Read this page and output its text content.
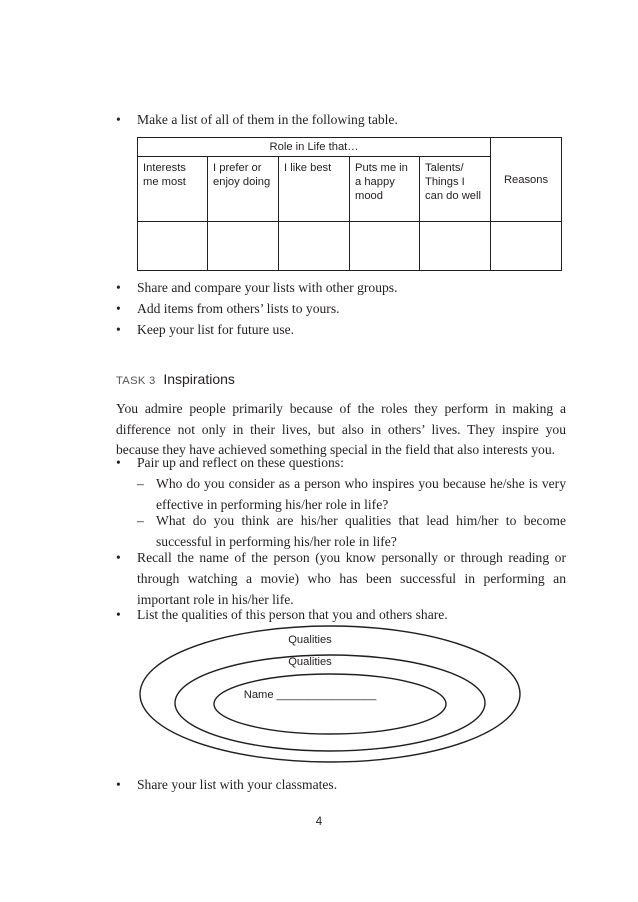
• Make a list of all of them in the following table.
Role in Life that…					Reasons
Interests me most	I prefer or enjoy doing	I like best	Puts me in a happy mood	Talents/ Things I can do well	

• Share and compare your lists with other groups.
• Add items from others’ lists to yours.
• Keep your list for future use.
TASK 3 Inspirations
You admire people primarily because of the roles they perform in making a difference not only in their lives, but also in others’ lives. They inspire you because they have achieved something special in the field that also interests you.
• Pair up and reflect on these questions:
– Who do you consider as a person who inspires you because he/she is very effective in performing his/her role in life?
– What do you think are his/her qualities that lead him/her to become successful in performing his/her role in life?
• Recall the name of the person (you know personally or through reading or through watching a movie) who has been successful in performing an important role in his/her life.
• List the qualities of this person that you and others share.
Qualities
Qualities
Name ________________
• Share your list with your classmates.
4
